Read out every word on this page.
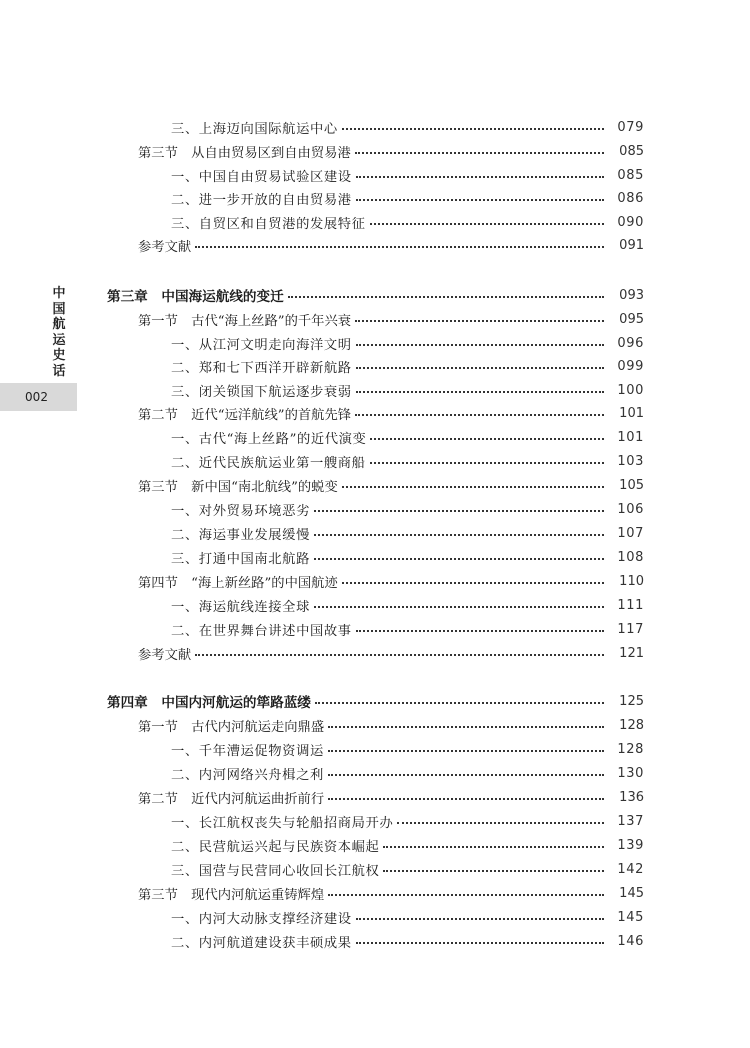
中国航运史话
002
三、上海迈向国际航运中心	079
第三节　从自由贸易区到自由贸易港	085
一、中国自由贸易试验区建设	085
二、进一步开放的自由贸易港	086
三、自贸区和自贸港的发展特征	090
参考文献	091
第三章　中国海运航线的变迁	093
第一节　古代“海上丝路”的千年兴衰	095
一、从江河文明走向海洋文明	096
二、郑和七下西洋开辟新航路	099
三、闭关锁国下航运逐步衰弱	100
第二节　近代“远洋航线”的首航先锋	101
一、古代“海上丝路”的近代演变	101
二、近代民族航运业第一艘商船	103
第三节　新中国“南北航线”的蜕变	105
一、对外贸易环境恶劣	106
二、海运事业发展缓慢	107
三、打通中国南北航路	108
第四节　“海上新丝路”的中国航迹	110
一、海运航线连接全球	111
二、在世界舞台讲述中国故事	117
参考文献	121
第四章　中国内河航运的筚路蓝缕	125
第一节　古代内河航运走向鼎盛	128
一、千年漕运促物资调运	128
二、内河网络兴舟楫之利	130
第二节　近代内河航运曲折前行	136
一、长江航权丧失与轮船招商局开办	137
二、民营航运兴起与民族资本崛起	139
三、国营与民营同心收回长江航权	142
第三节　现代内河航运重铸辉煌	145
一、内河大动脉支撑经济建设	145
二、内河航道建设获丰硕成果	146
